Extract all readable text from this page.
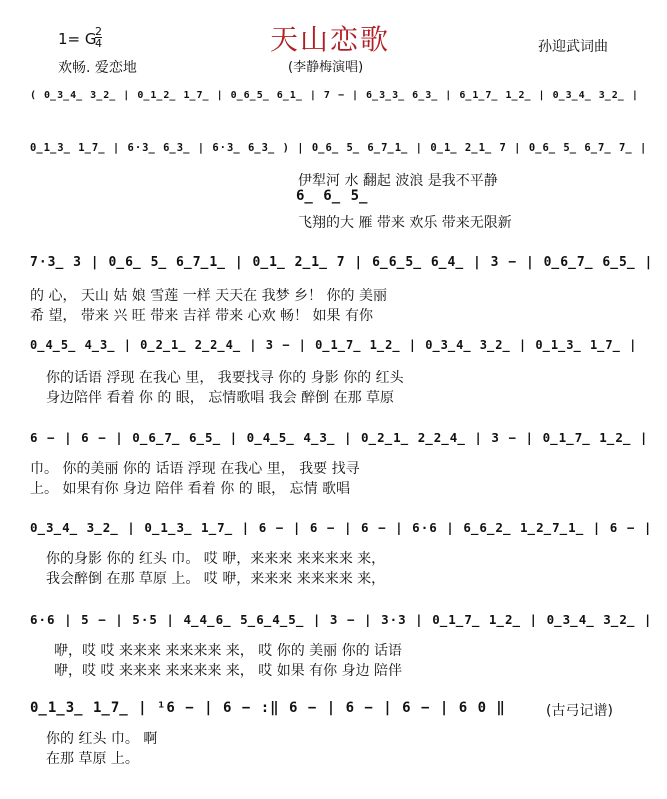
天山恋歌
1= G
2
4	孙迎武词曲
欢畅. 爱恋地	(李静梅演唱)
( 0̲3̲4̲ 3̲2̲ | 0̲1̲2̲ 1̲7̲ | 0̲6̲5̲ 6̲1̲ | 7 − | 6̲3̲3̲ 6̲3̲ | 6̲1̲7̲ 1̲2̲ | 0̲3̲4̲ 3̲2̲ |
0̲1̲3̲ 1̲7̲ | 6·3̲ 6̲3̲ | 6·3̲ 6̲3̲ ) | 0̲6̲ 5̲ 6̲7̲1̲ | 0̲1̲ 2̲1̲ 7 | 0̲6̲ 5̲ 6̲7̲ 7̲ |
伊犁河 水 翻起 波浪 是我不平静
6̲ 6̲ 5̲
飞翔的大 雁 带来 欢乐 带来无限新
7·3̲ 3 | 0̲6̲ 5̲ 6̲7̲1̲ | 0̲1̲ 2̲1̲ 7 | 6̲6̲5̲ 6̲4̲ | 3 − | 0̲6̲7̲ 6̲5̲ |
的 心， 天山 姑 娘 雪莲 一样 天天在 我梦 乡！ 你的 美丽
希 望， 带来 兴 旺 带来 吉祥 带来 心欢 畅！ 如果 有你
0̲4̲5̲ 4̲3̲ | 0̲2̲1̲ 2̲2̲4̲ | 3 − | 0̲1̲7̲ 1̲2̲ | 0̲3̲4̲ 3̲2̲ | 0̲1̲3̲ 1̲7̲ |
你的话语 浮现 在我心 里， 我要找寻 你的 身影 你的 红头
身边陪伴 看着 你 的 眼， 忘情歌唱 我会 醉倒 在那 草原
6 − | 6 − | 0̲6̲7̲ 6̲5̲ | 0̲4̲5̲ 4̲3̲ | 0̲2̲1̲ 2̲2̲4̲ | 3 − | 0̲1̲7̲ 1̲2̲ |
巾。 你的美丽 你的 话语 浮现 在我心 里， 我要 找寻
上。 如果有你 身边 陪伴 看着 你 的 眼， 忘情 歌唱
0̲3̲4̲ 3̲2̲ | 0̲1̲3̲ 1̲7̲ | 6 − | 6 − | 6 − | 6·6 | 6̲6̲2̲ 1̲2̲7̲1̲ | 6 − |
你的身影 你的 红头 巾。 哎 咿，来来来 来来来来 来，
我会醉倒 在那 草原 上。 哎 咿，来来来 来来来来 来，
6·6 | 5 − | 5·5 | 4̲4̲6̲ 5̲6̲4̲5̲ | 3 − | 3·3 | 0̲1̲7̲ 1̲2̲ | 0̲3̲4̲ 3̲2̲ |
咿，哎 哎 来来来 来来来来 来， 哎 你的 美丽 你的 话语
咿，哎 哎 来来来 来来来来 来， 哎 如果 有你 身边 陪伴
0̲1̲3̲ 1̲7̲ | ¹6 − | 6 − :‖ 6 − | 6 − | 6 − | 6 0 ‖
你的 红头 巾。 啊
在那 草原 上。
(古弓记谱)
